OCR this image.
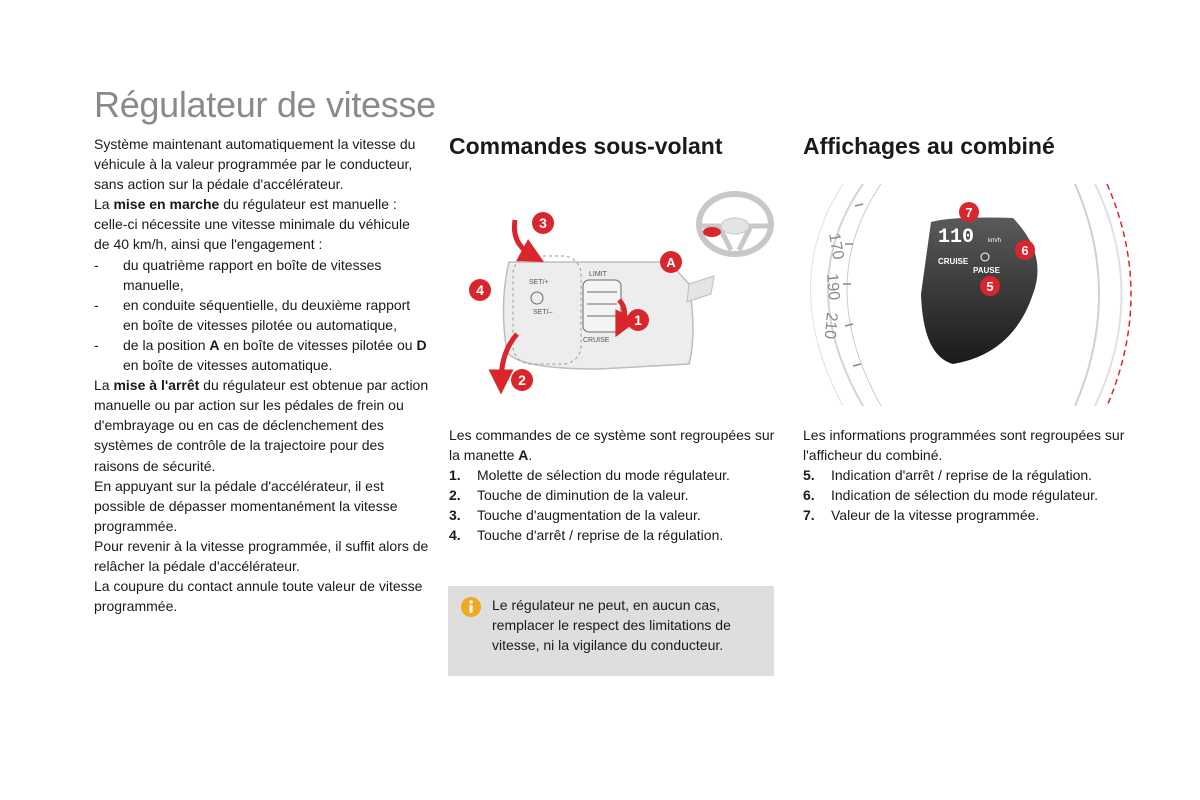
Régulateur de vitesse

Système maintenant automatiquement la vitesse du véhicule à la valeur programmée par le conducteur, sans action sur la pédale d'accélérateur.

La mise en marche du régulateur est manuelle : celle-ci nécessite une vitesse minimale du véhicule de 40 km/h, ainsi que l'engagement :

- du quatrième rapport en boîte de vitesses manuelle,
- en conduite séquentielle, du deuxième rapport en boîte de vitesses pilotée ou automatique,
- de la position A en boîte de vitesses pilotée ou D en boîte de vitesses automatique.

La mise à l'arrêt du régulateur est obtenue par action manuelle ou par action sur les pédales de frein ou d'embrayage ou en cas de déclenchement des systèmes de contrôle de la trajectoire pour des raisons de sécurité.

En appuyant sur la pédale d'accélérateur, il est possible de dépasser momentanément la vitesse programmée.

Pour revenir à la vitesse programmée, il suffit alors de relâcher la pédale d'accélérateur.

La coupure du contact annule toute valeur de vitesse programmée.

Commandes sous-volant
SET/+
LIMIT
SET/–
CRUISE
3
4
A
1
2

Les commandes de ce système sont regroupées sur la manette A.

1.	Molette de sélection du mode régulateur.
2.	Touche de diminution de la valeur.
3.	Touche d'augmentation de la valeur.
4.	Touche d'arrêt / reprise de la régulation.
Le régulateur ne peut, en aucun cas, remplacer le respect des limitations de vitesse, ni la vigilance du conducteur.
Affichages au combiné
170
190
210
110 km/h
CRUISE
PAUSE
7
6
5

Les informations programmées sont regroupées sur l'afficheur du combiné.

5.	Indication d'arrêt / reprise de la régulation.
6.	Indication de sélection du mode régulateur.
7.	Valeur de la vitesse programmée.
